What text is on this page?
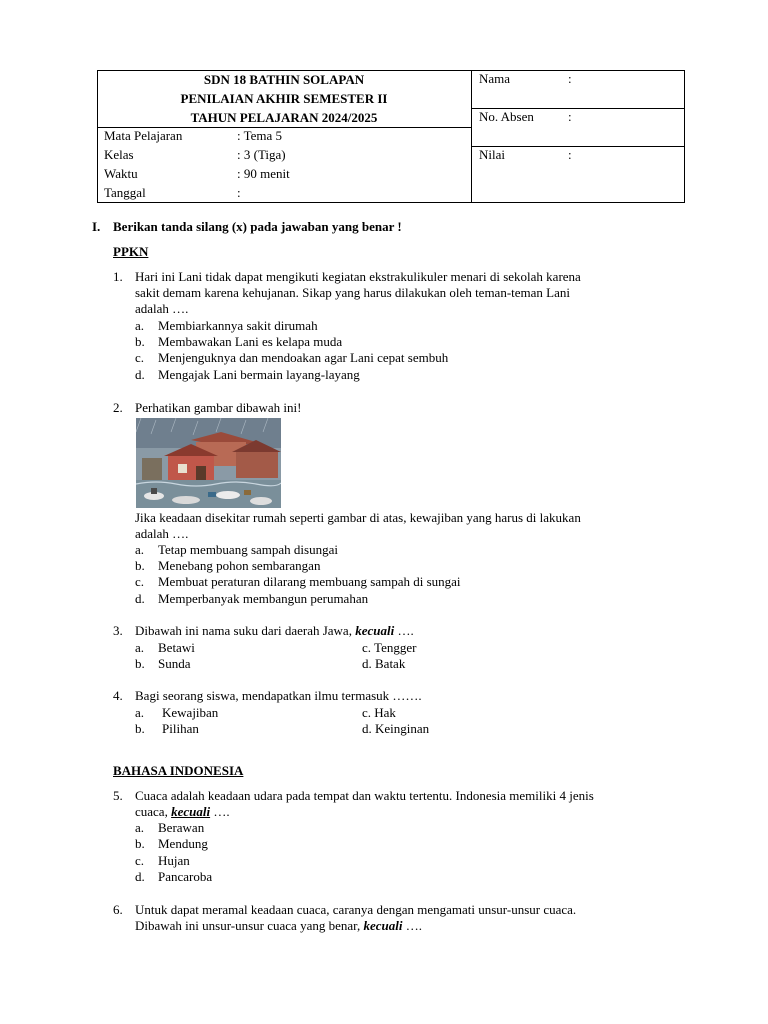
SDN 18 BATHIN SOLAPAN
PENILAIAN AKHIR SEMESTER II
TAHUN PELAJARAN 2024/2025
Mata Pelajaran	: Tema 5
Kelas	: 3 (Tiga)
Waktu	: 90 menit
Tanggal	:
Nama	:
No. Absen	:
Nilai	:
I. Berikan tanda silang (x) pada jawaban yang benar !
PPKN
1. Hari ini Lani tidak dapat mengikuti kegiatan ekstrakulikuler menari di sekolah karena
sakit demam karena kehujanan. Sikap yang harus dilakukan oleh teman-teman Lani
adalah ….
a. Membiarkannya sakit dirumah
b. Membawakan Lani es kelapa muda
c. Menjenguknya dan mendoakan agar Lani cepat sembuh
d. Mengajak Lani bermain layang-layang
2. Perhatikan gambar dibawah ini!
Jika keadaan disekitar rumah seperti gambar di atas, kewajiban yang harus di lakukan
adalah ….
a. Tetap membuang sampah disungai
b. Menebang pohon sembarangan
c. Membuat peraturan dilarang membuang sampah di sungai
d. Memperbanyak membangun perumahan
3. Dibawah ini nama suku dari daerah Jawa, kecuali ….
a. Betawi
b. Sunda
c. Tengger
d. Batak
4. Bagi seorang siswa, mendapatkan ilmu termasuk …….
a. Kewajiban
b. Pilihan
c. Hak
d. Keinginan
BAHASA INDONESIA
5. Cuaca adalah keadaan udara pada tempat dan waktu tertentu. Indonesia memiliki 4 jenis
cuaca, kecuali ….
a. Berawan
b. Mendung
c. Hujan
d. Pancaroba
6. Untuk dapat meramal keadaan cuaca, caranya dengan mengamati unsur-unsur cuaca.
Dibawah ini unsur-unsur cuaca yang benar, kecuali ….
